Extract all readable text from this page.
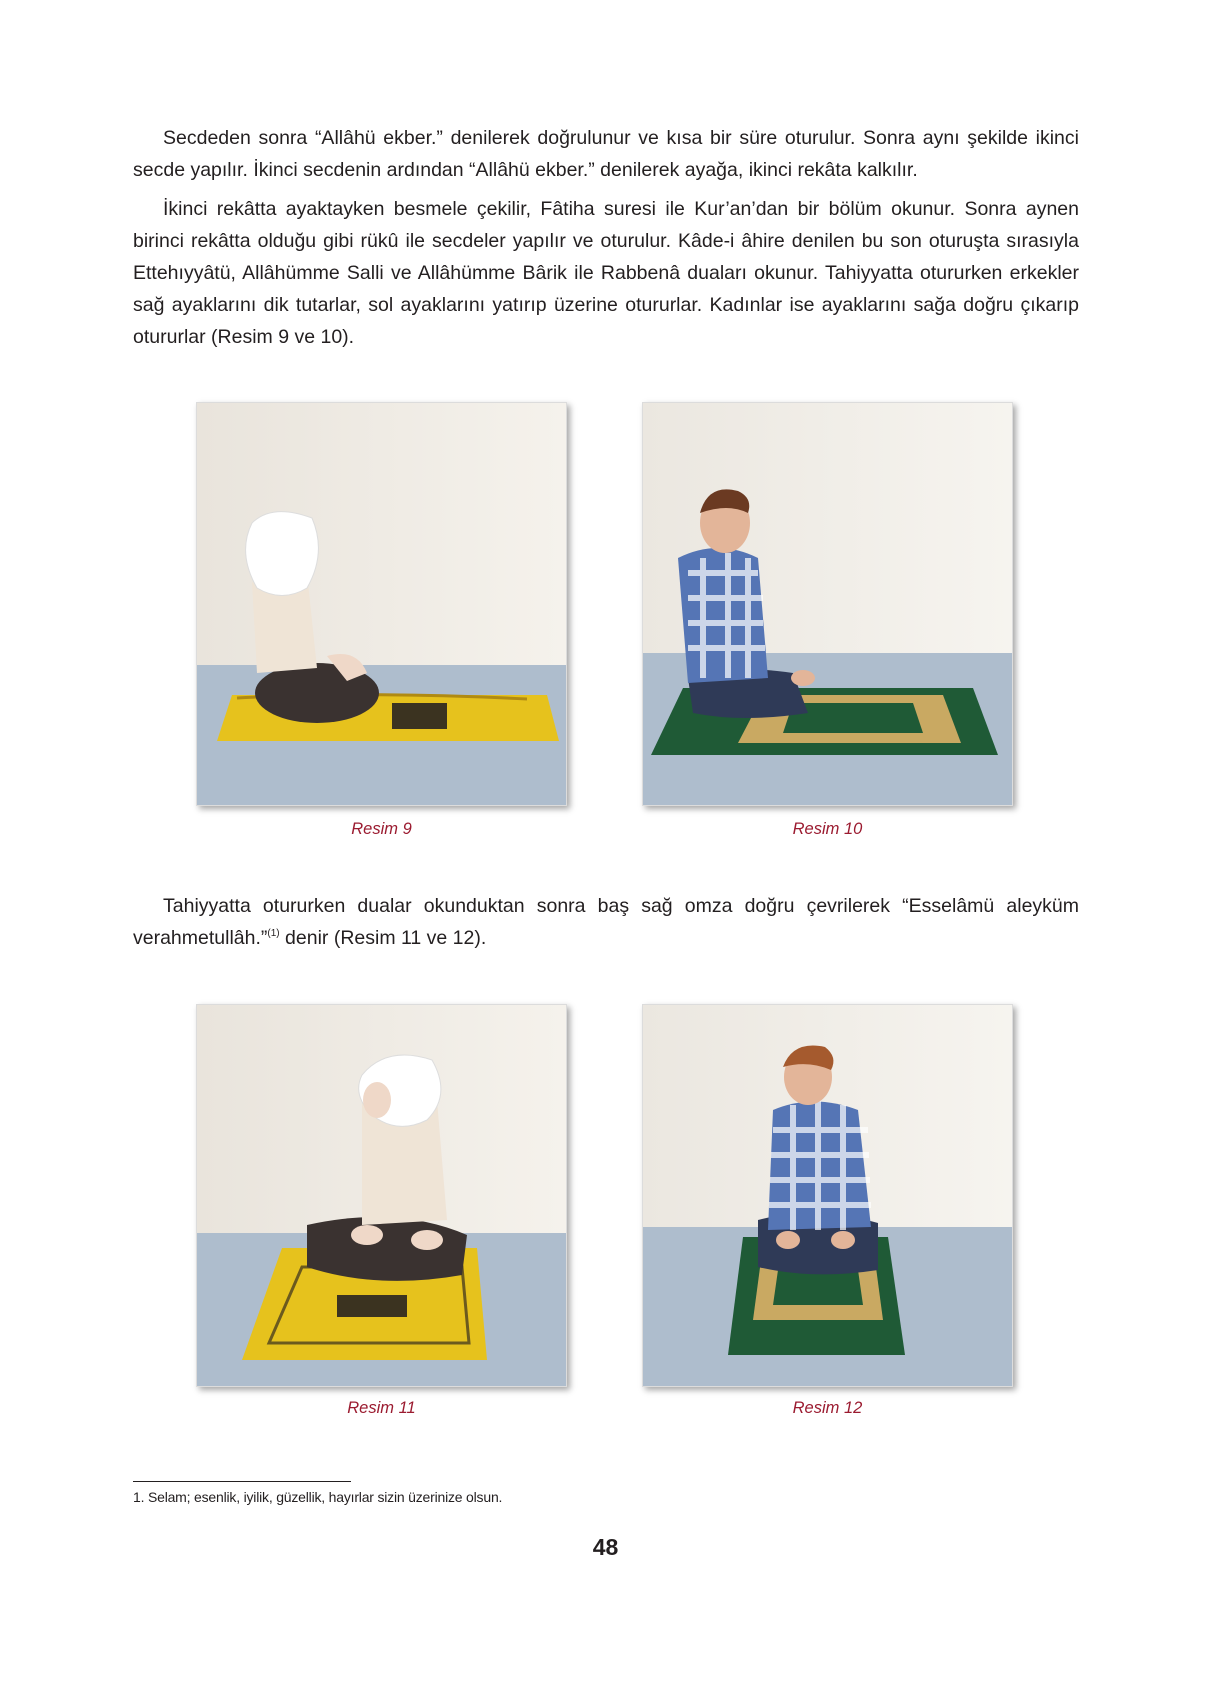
Secdeden sonra “Allâhü ekber.” denilerek doğrulunur ve kısa bir süre oturulur. Sonra aynı şekilde ikinci secde yapılır. İkinci secdenin ardından “Allâhü ekber.” denilerek ayağa, ikinci rekâta kalkılır.

İkinci rekâtta ayaktayken besmele çekilir, Fâtiha suresi ile Kur’an’dan bir bölüm okunur. Sonra aynen birinci rekâtta olduğu gibi rükû ile secdeler yapılır ve oturulur. Kâde-i âhire denilen bu son oturuşta sırasıyla Ettehıyyâtü, Allâhümme Salli ve Allâhümme Bârik ile Rabbenâ duaları okunur. Tahiyyatta otururken erkekler sağ ayaklarını dik tutarlar, sol ayaklarını yatırıp üzerine otururlar. Kadınlar ise ayaklarını sağa doğru çıkarıp otururlar (Resim 9 ve 10).

Resim 9	Resim 10

Tahiyyatta otururken dualar okunduktan sonra baş sağ omza doğru çevrilerek “Esselâmü aleyküm verahmetullâh.”$^{(1)}$ denir (Resim 11 ve 12).

Resim 11	Resim 12
1. Selam; esenlik, iyilik, güzellik, hayırlar sizin üzerinize olsun.
48
